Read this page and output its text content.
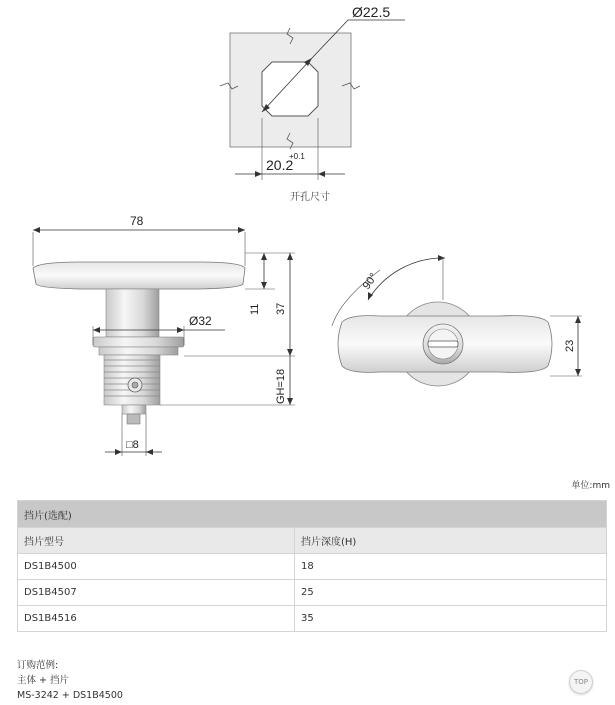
Ø22.5
20.2
+0.1
开孔尺寸
78
11 37
Ø32
GH=18
□8
90°
23
单位:mm
挡片(选配)	
挡片型号	挡片深度(H)
DS1B4500	18
DS1B4507	25
DS1B4516	35
订购范例:
主体 + 挡片
MS-3242 + DS1B4500
TOP
